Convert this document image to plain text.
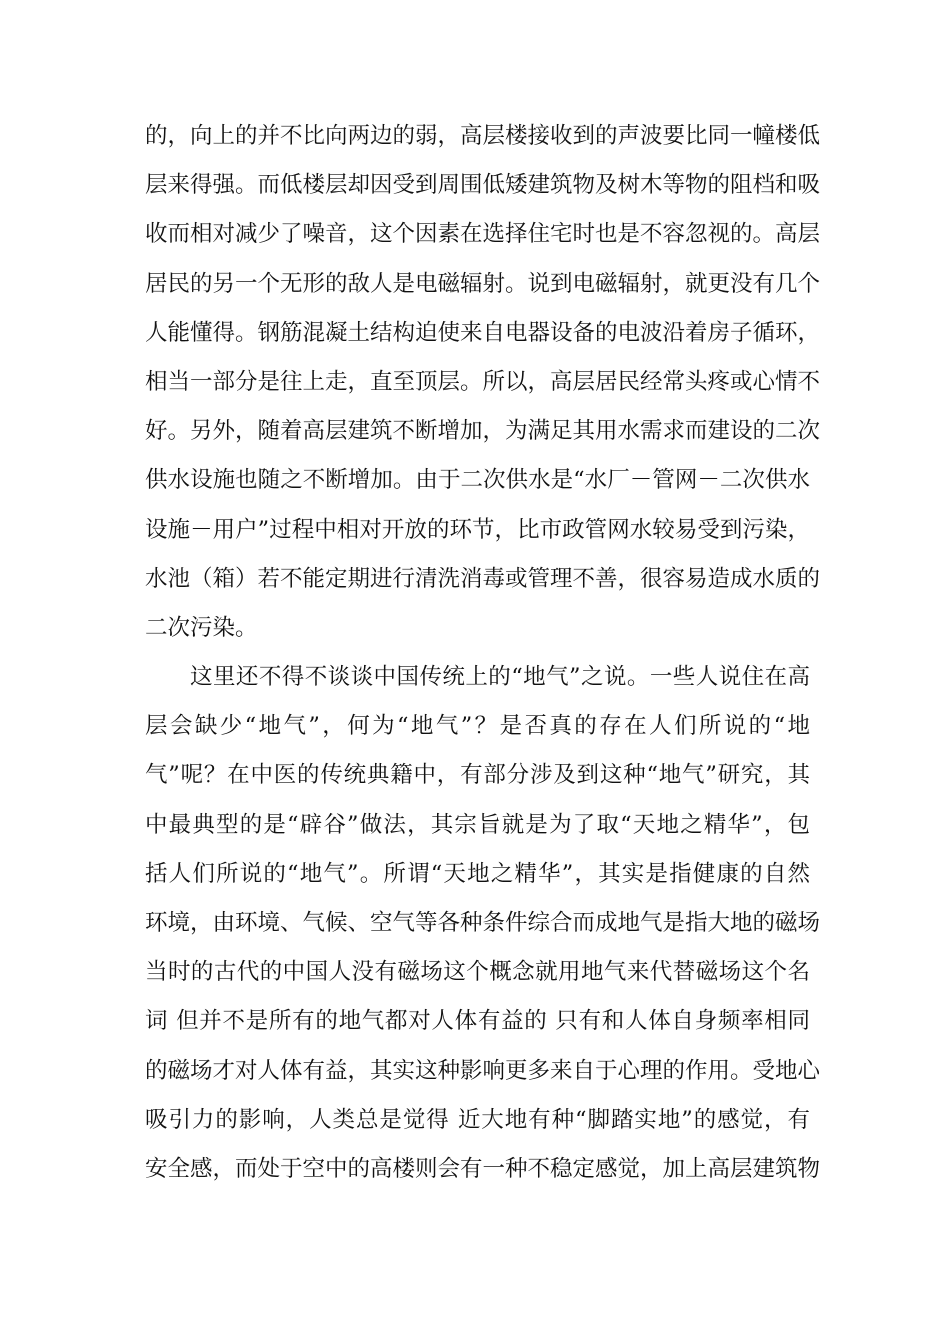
的，向上的并不比向两边的弱，高层楼接收到的声波要比同一幢楼低
层来得强。而低楼层却因受到周围低矮建筑物及树木等物的阻档和吸
收而相对减少了噪音，这个因素在选择住宅时也是不容忽视的。高层
居民的另一个无形的敌人是电磁辐射。说到电磁辐射，就更没有几个
人能懂得。钢筋混凝土结构迫使来自电器设备的电波沿着房子循环，
相当一部分是往上走，直至顶层。所以，高层居民经常头疼或心情不
好。另外，随着高层建筑不断增加，为满足其用水需求而建设的二次
供水设施也随之不断增加。由于二次供水是“水厂－管网－二次供水
设施－用户”过程中相对开放的环节，比市政管网水较易受到污染，
水池（箱）若不能定期进行清洗消毒或管理不善，很容易造成水质的
二次污染。
这里还不得不谈谈中国传统上的“地气”之说。一些人说住在高
层会缺少“地气”，何为“地气”？是否真的存在人们所说的“地
气”呢？在中医的传统典籍中，有部分涉及到这种“地气”研究，其
中最典型的是“辟谷”做法，其宗旨就是为了取“天地之精华”，包
括人们所说的“地气”。所谓“天地之精华”，其实是指健康的自然
环境，由环境、气候、空气等各种条件综合而成地气是指大地的磁场
当时的古代的中国人没有磁场这个概念就用地气来代替磁场这个名
词 但并不是所有的地气都对人体有益的 只有和人体自身频率相同
的磁场才对人体有益，其实这种影响更多来自于心理的作用。受地心
吸引力的影响，人类总是觉得 近大地有种“脚踏实地”的感觉，有
安全感，而处于空中的高楼则会有一种不稳定感觉，加上高层建筑物
